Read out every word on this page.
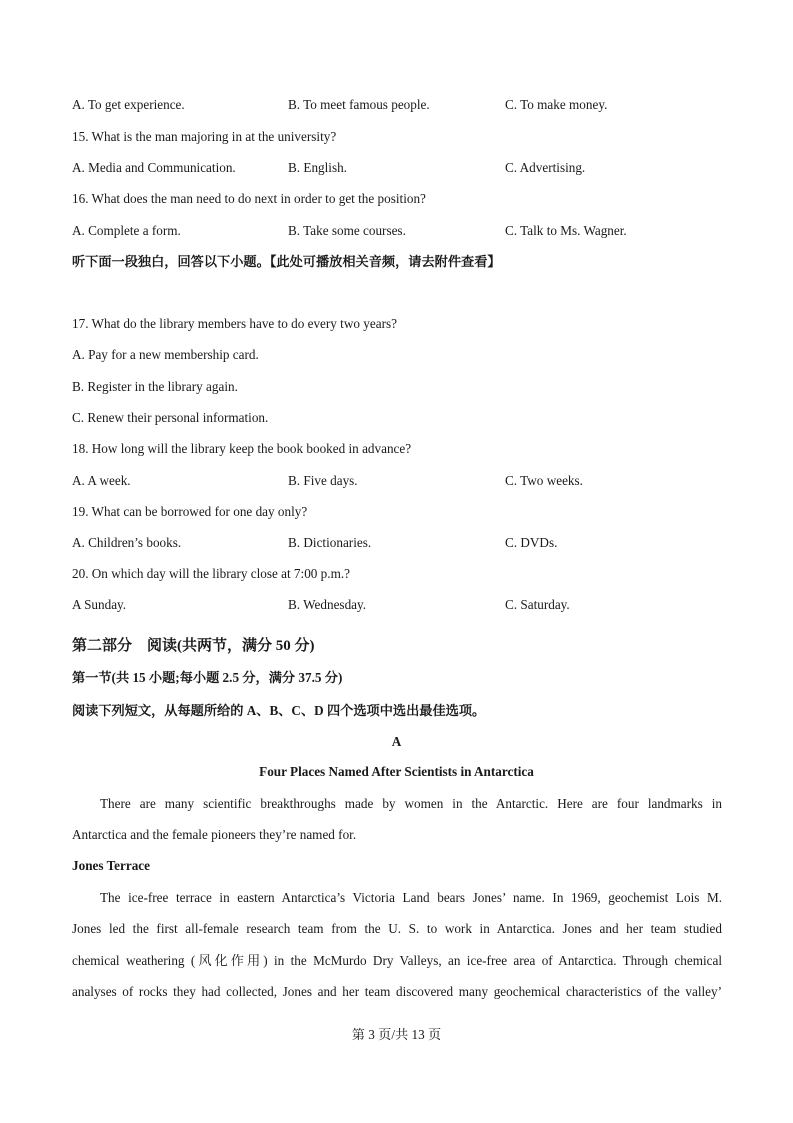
A. To get experience.	B. To meet famous people.	C. To make money.
15. What is the man majoring in at the university?
A. Media and Communication.	B. English.	C. Advertising.
16. What does the man need to do next in order to get the position?
A. Complete a form.	B. Take some courses.	C. Talk to Ms. Wagner.
听下面一段独白，回答以下小题。【此处可播放相关音频，请去附件查看】
17. What do the library members have to do every two years?
A. Pay for a new membership card.
B. Register in the library again.
C. Renew their personal information.
18. How long will the library keep the book booked in advance?
A. A week.	B. Five days.	C. Two weeks.
19. What can be borrowed for one day only?
A. Children’s books.	B. Dictionaries.	C. DVDs.
20. On which day will the library close at 7:00 p.m.?
A Sunday.	B. Wednesday.	C. Saturday.
第二部分    阅读(共两节，满分 50 分)
第一节(共 15 小题;每小题 2.5 分，满分 37.5 分)
阅读下列短文，从每题所给的 A、B、C、D 四个选项中选出最佳选项。
A
Four Places Named After Scientists in Antarctica
There are many scientific breakthroughs made by women in the Antarctic. Here are four landmarks in
Antarctica and the female pioneers they’re named for.
Jones Terrace
The ice-free terrace in eastern Antarctica’s Victoria Land bears Jones’ name. In 1969, geochemist Lois M.
Jones led the first all-female research team from the U. S. to work in Antarctica. Jones and her team studied
chemical weathering (风化作用) in the McMurdo Dry Valleys, an ice-free area of Antarctica. Through chemical
analyses of rocks they had collected, Jones and her team discovered many geochemical characteristics of the valley’
第 3 页/共 13 页
